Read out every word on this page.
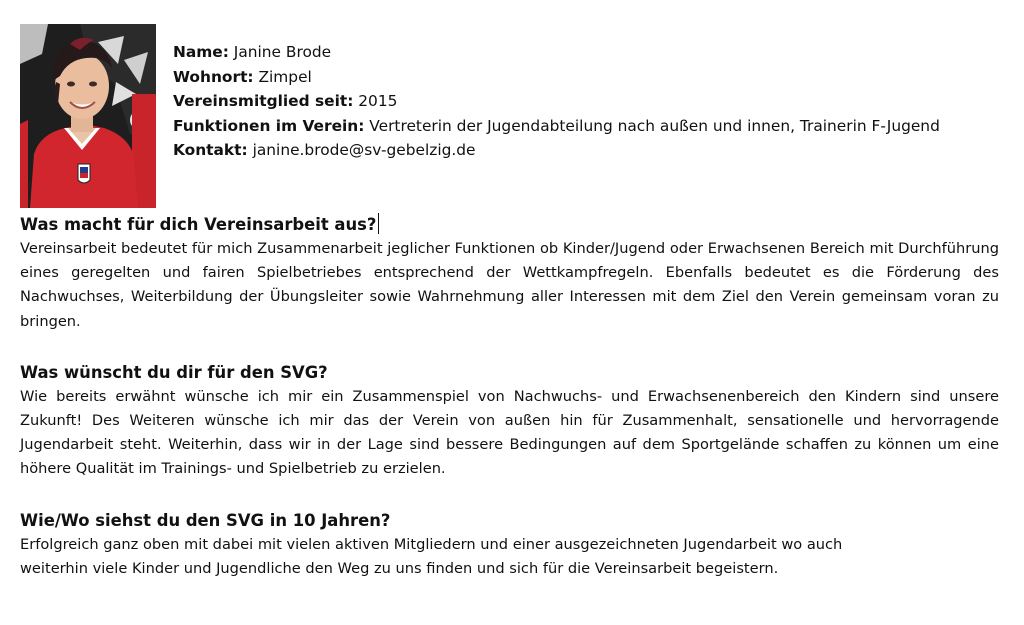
Name: Janine Brode
Wohnort: Zimpel
Vereinsmitglied seit: 2015
Funktionen im Verein: Vertreterin der Jugendabteilung nach außen und innen, Trainerin F-Jugend
Kontakt: janine.brode@sv-gebelzig.de
Was macht für dich Vereinsarbeit aus?
Vereinsarbeit bedeutet für mich Zusammenarbeit jeglicher Funktionen ob Kinder/Jugend oder Erwachsenen Bereich mit Durchführung eines geregelten und fairen Spielbetriebes entsprechend der Wettkampfregeln. Ebenfalls bedeutet es die Förderung des Nachwuchses, Weiterbildung der Übungsleiter sowie Wahrnehmung aller Interessen mit dem Ziel den Verein gemeinsam voran zu bringen.
Was wünscht du dir für den SVG?
Wie bereits erwähnt wünsche ich mir ein Zusammenspiel von Nachwuchs- und Erwachsenenbereich den Kindern sind unsere Zukunft! Des Weiteren wünsche ich mir das der Verein von außen hin für Zusammenhalt, sensationelle und hervorragende Jugendarbeit steht. Weiterhin, dass wir in der Lage sind bessere Bedingungen auf dem Sportgelände schaffen zu können um eine höhere Qualität im Trainings- und Spielbetrieb zu erzielen.
Wie/Wo siehst du den SVG in 10 Jahren?
Erfolgreich ganz oben mit dabei mit vielen aktiven Mitgliedern und einer ausgezeichneten Jugendarbeit wo auch
weiterhin viele Kinder und Jugendliche den Weg zu uns finden und sich für die Vereinsarbeit begeistern.
